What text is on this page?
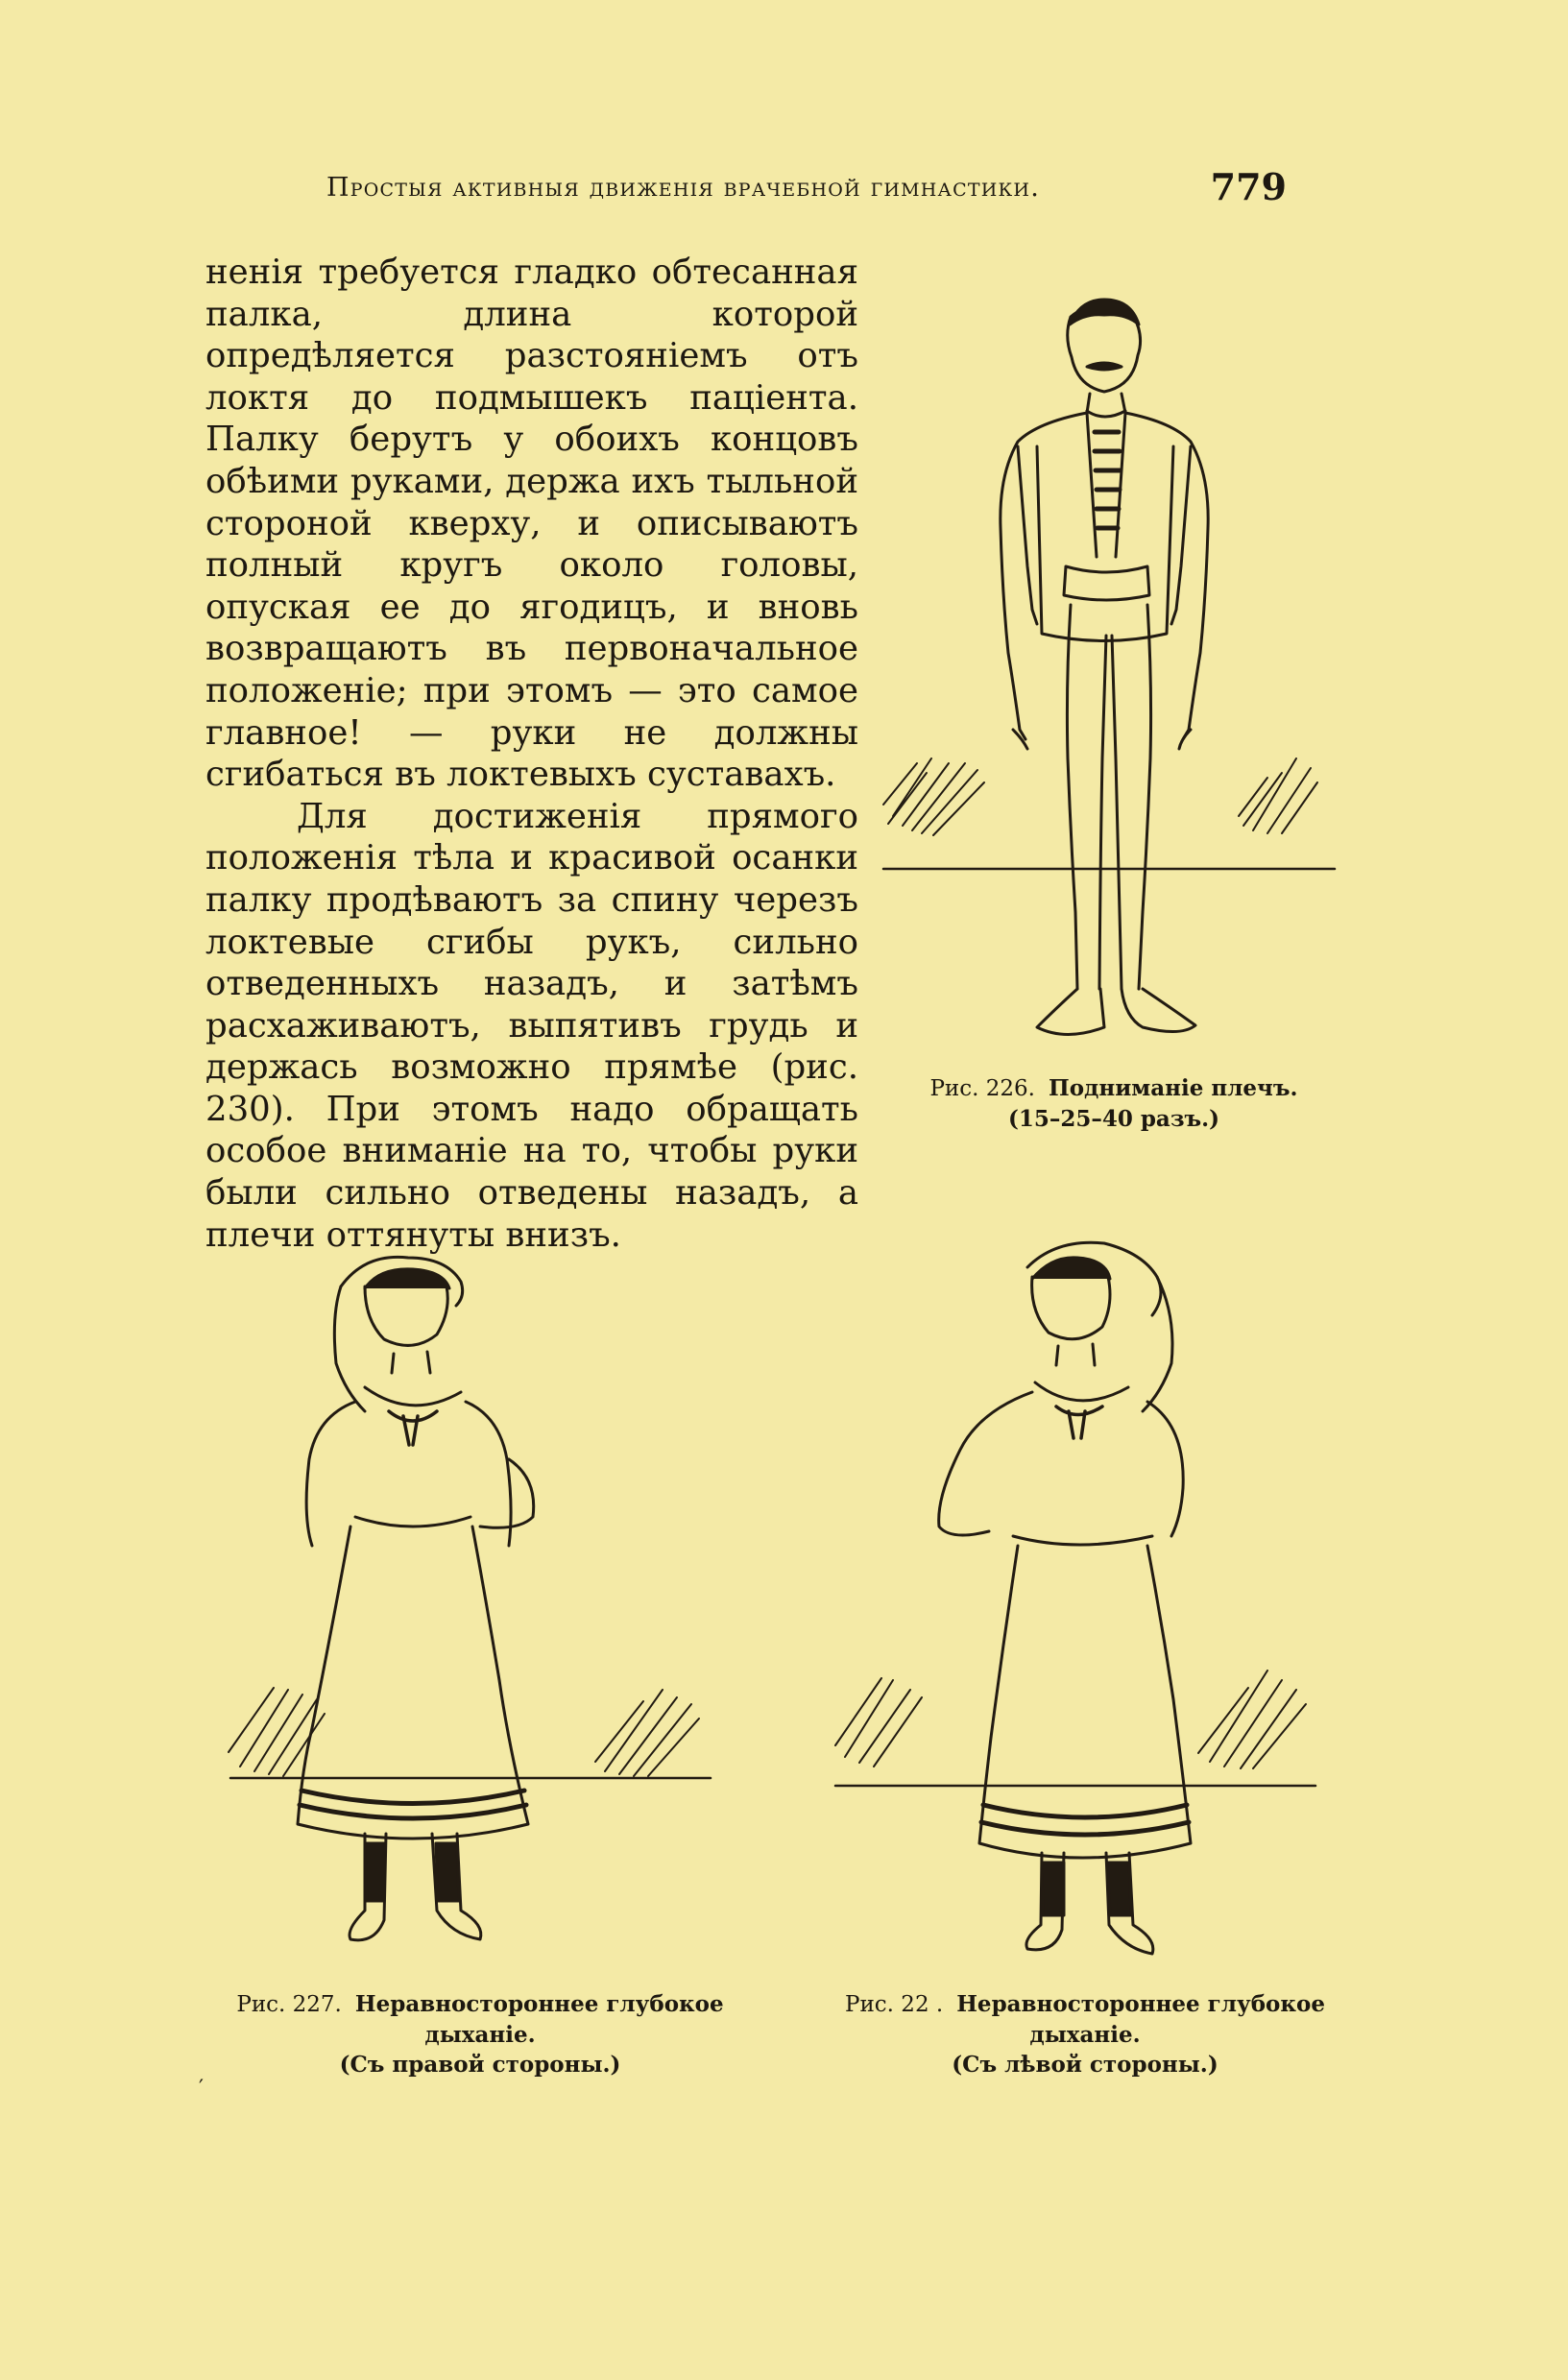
Простыя активныя движенія врачебной гимнастики.	779

ненія требуется гладко обтесанная палка, длина которой опредѣляется разстояніемъ отъ локтя до подмышекъ паціента. Палку берутъ у обоихъ концовъ обѣими руками, держа ихъ тыльной стороной кверху, и описываютъ полный кругъ около головы, опуская ее до ягодицъ, и вновь возвращаютъ въ первоначальное положеніе; при этомъ — это самое главное! — руки не должны сгибаться въ локтевыхъ суставахъ.

Для достиженія прямого положенія тѣла и красивой осанки палку продѣваютъ за спину черезъ локтевые сгибы рукъ, сильно отведенныхъ назадъ, и затѣмъ расхаживаютъ, выпятивъ грудь и держась возможно прямѣе (рис. 230). При этомъ надо обращать особое вниманіе на то, чтобы руки были сильно отведены назадъ, а плечи оттянуты внизъ.

Рис. 226. Подниманіе плечъ.
(15–25–40 разъ.)
Рис. 227. Неравностороннее глубокое
дыханіе.
(Съ правой стороны.)
Рис. 22 . Неравностороннее глубокое
дыханіе.
(Съ лѣвой стороны.)
′
